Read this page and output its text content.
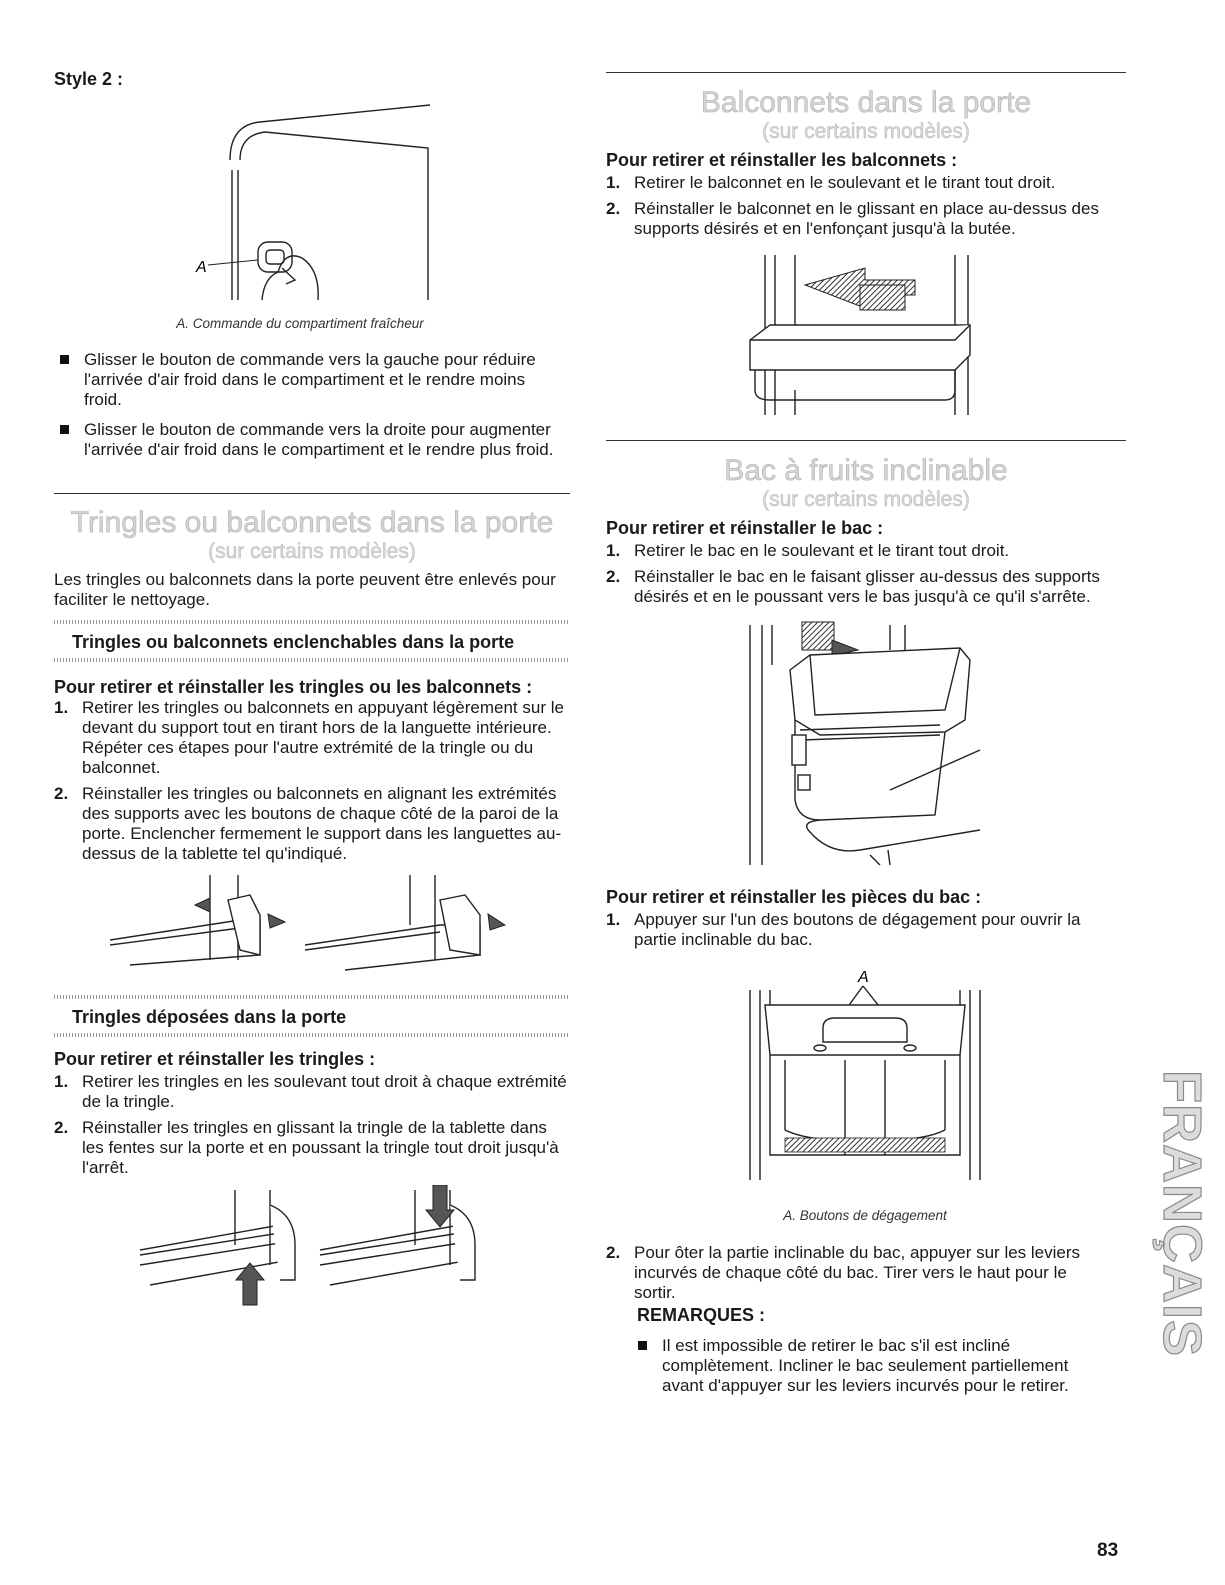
Style 2 :
A
A. Commande du compartiment fraîcheur
Glisser le bouton de commande vers la gauche pour réduire l'arrivée d'air froid dans le compartiment et le rendre moins froid.
Glisser le bouton de commande vers la droite pour augmenter l'arrivée d'air froid dans le compartiment et le rendre plus froid.
Tringles ou balconnets dans la porte
(sur certains modèles)
Les tringles ou balconnets dans la porte peuvent être enlevés pour faciliter le nettoyage.
Tringles ou balconnets enclenchables dans la porte
Pour retirer et réinstaller les tringles ou les balconnets :
1. Retirer les tringles ou balconnets en appuyant légèrement sur le devant du support tout en tirant hors de la languette intérieure. Répéter ces étapes pour l'autre extrémité de la tringle ou du balconnet.
2. Réinstaller les tringles ou balconnets en alignant les extrémités des supports avec les boutons de chaque côté de la paroi de la porte. Enclencher fermement le support dans les languettes au-dessus de la tablette tel qu'indiqué.
Tringles déposées dans la porte
Pour retirer et réinstaller les tringles :
1. Retirer les tringles en les soulevant tout droit à chaque extrémité de la tringle.
2. Réinstaller les tringles en glissant la tringle de la tablette dans les fentes sur la porte et en poussant la tringle tout droit jusqu'à l'arrêt.
Balconnets dans la porte
(sur certains modèles)
Pour retirer et réinstaller les balconnets :
1. Retirer le balconnet en le soulevant et le tirant tout droit.
2. Réinstaller le balconnet en le glissant en place au-dessus des supports désirés et en l'enfonçant jusqu'à la butée.
Bac à fruits inclinable
(sur certains modèles)
Pour retirer et réinstaller le bac :
1. Retirer le bac en le soulevant et le tirant tout droit.
2. Réinstaller le bac en le faisant glisser au-dessus des supports désirés et en le poussant vers le bas jusqu'à ce qu'il s'arrête.
Pour retirer et réinstaller les pièces du bac :
1. Appuyer sur l'un des boutons de dégagement pour ouvrir la partie inclinable du bac.
A
A. Boutons de dégagement
2. Pour ôter la partie inclinable du bac, appuyer sur les leviers incurvés de chaque côté du bac. Tirer vers le haut pour le sortir.
REMARQUES :
Il est impossible de retirer le bac s'il est incliné complètement. Incliner le bac seulement partiellement avant d'appuyer sur les leviers incurvés pour le retirer.
FRANÇAIS
83
